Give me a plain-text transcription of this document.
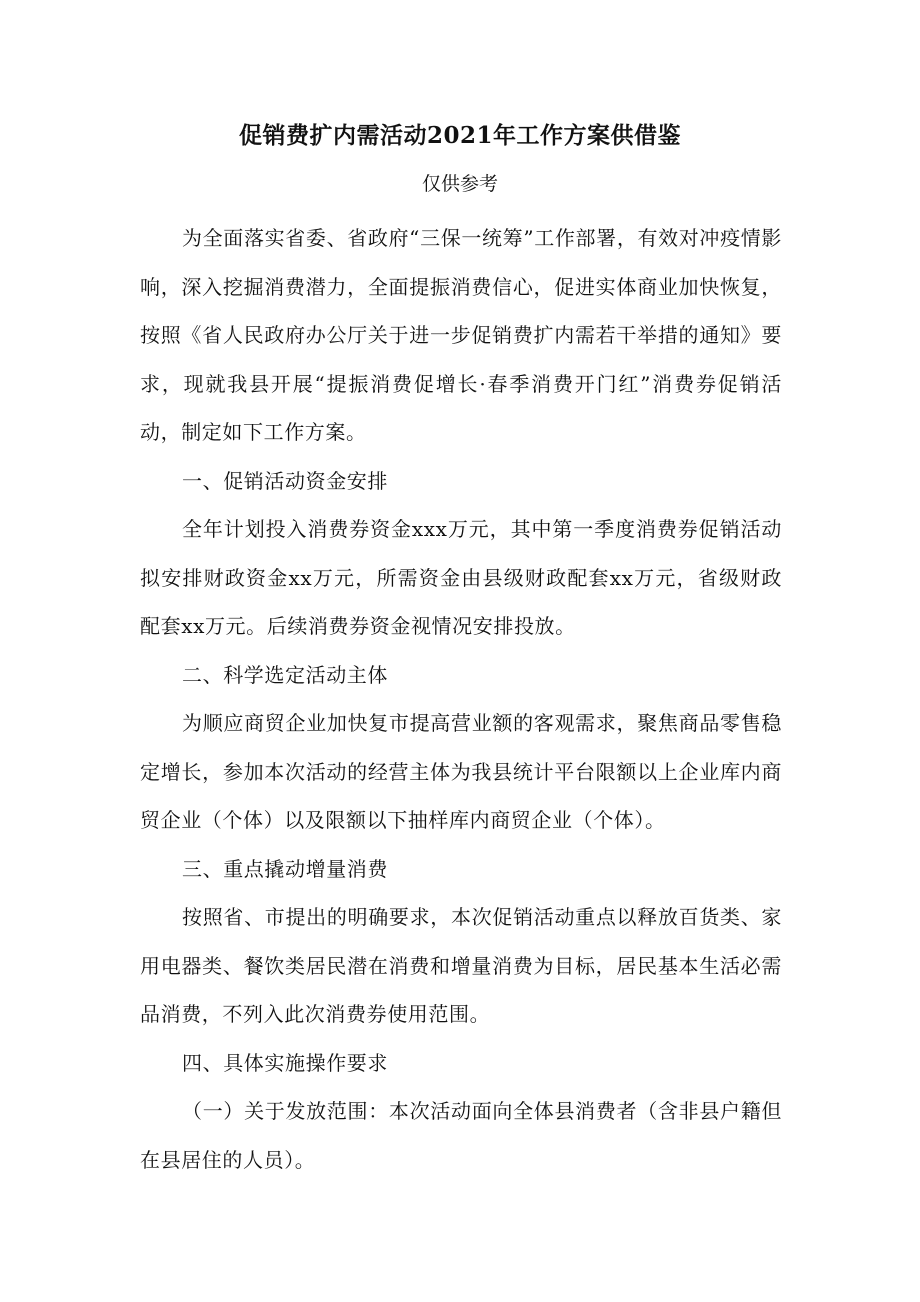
促销费扩内需活动2021年工作方案供借鉴

仅供参考

为全面落实省委、省政府“三保一统筹”工作部署，有效对冲疫情影响，深入挖掘消费潜力，全面提振消费信心，促进实体商业加快恢复，按照《省人民政府办公厅关于进一步促销费扩内需若干举措的通知》要求，现就我县开展“提振消费促增长·春季消费开门红”消费券促销活动，制定如下工作方案。

一、促销活动资金安排

全年计划投入消费券资金xxx万元，其中第一季度消费券促销活动拟安排财政资金xx万元，所需资金由县级财政配套xx万元，省级财政配套xx万元。后续消费券资金视情况安排投放。

二、科学选定活动主体

为顺应商贸企业加快复市提高营业额的客观需求，聚焦商品零售稳定增长，参加本次活动的经营主体为我县统计平台限额以上企业库内商贸企业（个体）以及限额以下抽样库内商贸企业（个体）。

三、重点撬动增量消费

按照省、市提出的明确要求，本次促销活动重点以释放百货类、家用电器类、餐饮类居民潜在消费和增量消费为目标，居民基本生活必需品消费，不列入此次消费券使用范围。

四、具体实施操作要求

（一）关于发放范围：本次活动面向全体县消费者（含非县户籍但在县居住的人员）。
